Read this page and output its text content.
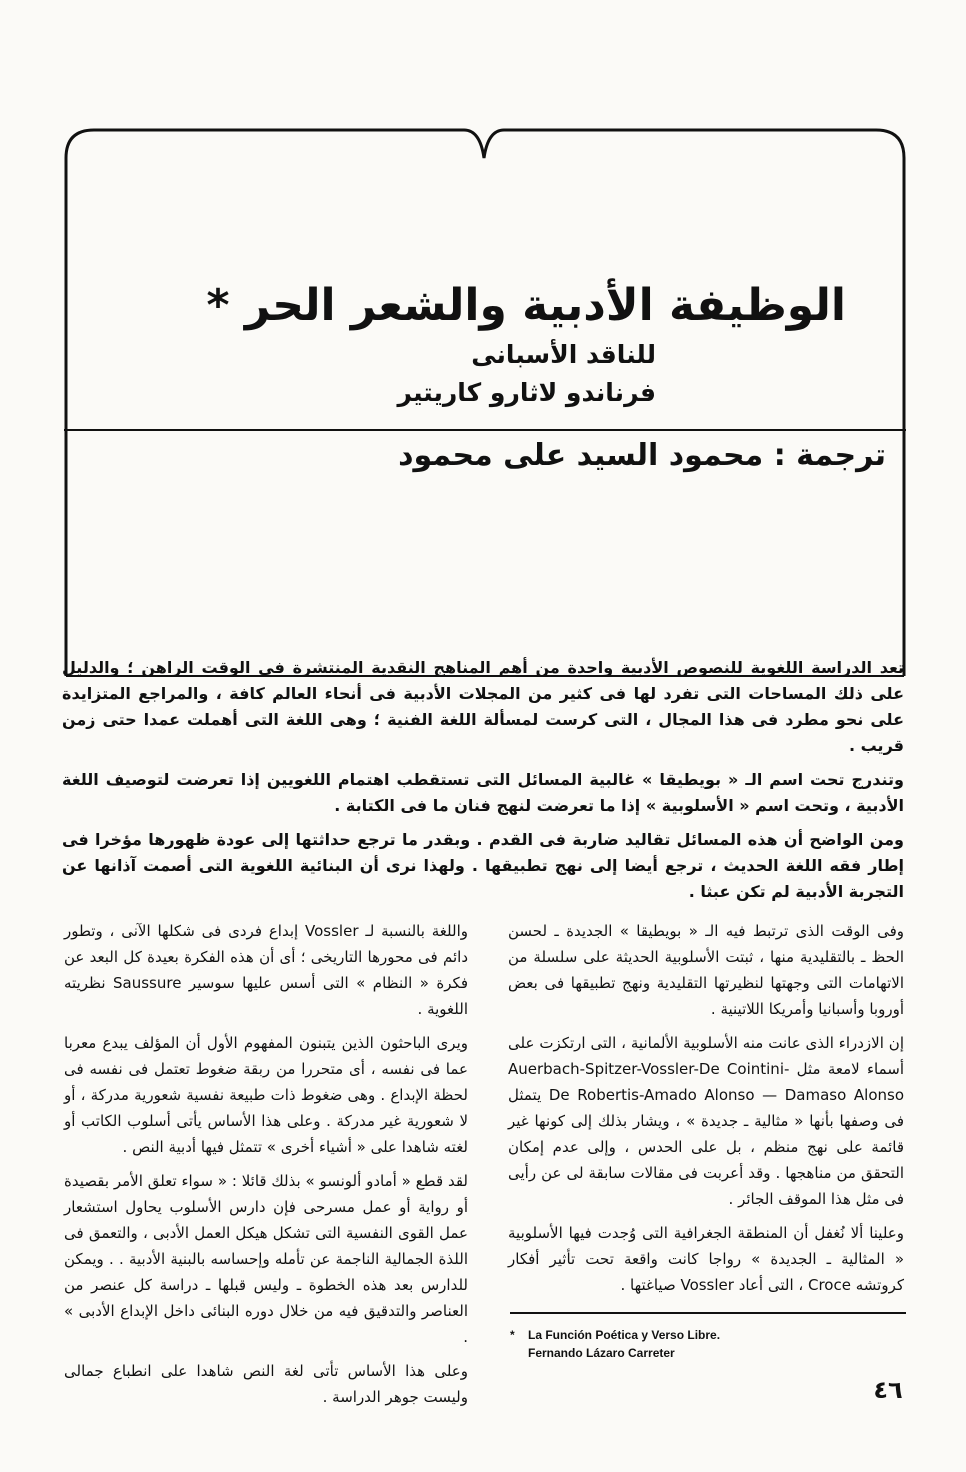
الوظيفة الأدبية والشعر الحر *
للناقد الأسبانى
فرناندو لاثارو كاريتير
ترجمة : محمود السيد على محمود

تعد الدراسة اللغوية للنصوص الأدبية واحدة من أهم المناهج النقدية المنتشرة فى الوقت الراهن ؛ والدليل على ذلك المساحات التى تفرد لها فى كثير من المجلات الأدبية فى أنحاء العالم كافة ، والمراجع المتزايدة على نحو مطرد فى هذا المجال ، التى كرست لمسألة اللغة الفنية ؛ وهى اللغة التى أهملت عمدا حتى زمن قريب .

وتندرج تحت اسم الـ « بويطيقا » غالبية المسائل التى تستقطب اهتمام اللغويين إذا تعرضت لتوصيف اللغة الأدبية ، وتحت اسم « الأسلوبية » إذا ما تعرضت لنهج فنان ما فى الكتابة .

ومن الواضح أن هذه المسائل تقاليد ضاربة فى القدم . وبقدر ما ترجع حداثتها إلى عودة ظهورها مؤخرا فى إطار فقه اللغة الحديث ، ترجع أيضا إلى نهج تطبيقها . ولهذا نرى أن البنائية اللغوية التى أصمت آذانها عن التجربة الأدبية لم تكن عبثا .

وفى الوقت الذى ترتبط فيه الـ « بويطيقا » الجديدة ـ لحسن الحظ ـ بالتقليدية منها ، ثبتت الأسلوبية الحديثة على سلسلة من الاتهامات التى وجهتها لنظيرتها التقليدية ونهج تطبيقها فى بعض أوروبا وأسبانيا وأمريكا اللاتينية .

إن الازدراء الذى عانت منه الأسلوبية الألمانية ، التى ارتكزت على أسماء لامعة مثل -Auerbach-Spitzer-Vossler-De Cointini De Robertis-Amado Alonso — Damaso Alonso يتمثل فى وصفها بأنها « مثالية ـ جديدة » ، ويشار بذلك إلى كونها غير قائمة على نهج منظم ، بل على الحدس ، وإلى عدم إمكان التحقق من مناهجها . وقد أعربت فى مقالات سابقة لى عن رأيى فى مثل هذا الموقف الجائر .

وعلينا ألا نُغفل أن المنطقة الجغرافية التى وُجدت فيها الأسلوبية « المثالية ـ الجديدة » رواجا كانت واقعة تحت تأثير أفكار كروتشه Croce ، التى أعاد Vossler صياغتها .

واللغة بالنسبة لـ Vossler إبداع فردى فى شكلها الآنى ، وتطور دائم فى محورها التاريخى ؛ أى أن هذه الفكرة بعيدة كل البعد عن فكرة « النظام » التى أسس عليها سوسير Saussure نظريته اللغوية .

ويرى الباحثون الذين يتبنون المفهوم الأول أن المؤلف يبدع معربا عما فى نفسه ، أى متحررا من ربقة ضغوط تعتمل فى نفسه فى لحظة الإبداع . وهى ضغوط ذات طبيعة نفسية شعورية مدركة ، أو لا شعورية غير مدركة . وعلى هذا الأساس يأتى أسلوب الكاتب أو لغته شاهدا على « أشياء أخرى » تتمثل فيها أدبية النص .

لقد قطع « أمادو ألونسو » بذلك قائلا : « سواء تعلق الأمر بقصيدة أو رواية أو عمل مسرحى فإن دارس الأسلوب يحاول استشعار عمل القوى النفسية التى تشكل هيكل العمل الأدبى ، والتعمق فى اللذة الجمالية الناجمة عن تأمله وإحساسه بالبنية الأدبية . . ويمكن للدارس بعد هذه الخطوة ـ وليس قبلها ـ دراسة كل عنصر من العناصر والتدقيق فيه من خلال دوره البنائى داخل الإبداع الأدبى » .

وعلى هذا الأساس تأتى لغة النص شاهدا على انطباع جمالى وليست جوهر الدراسة .

* La Función Poética y Verso Libre.
Fernando Lázaro Carreter
٤٦
